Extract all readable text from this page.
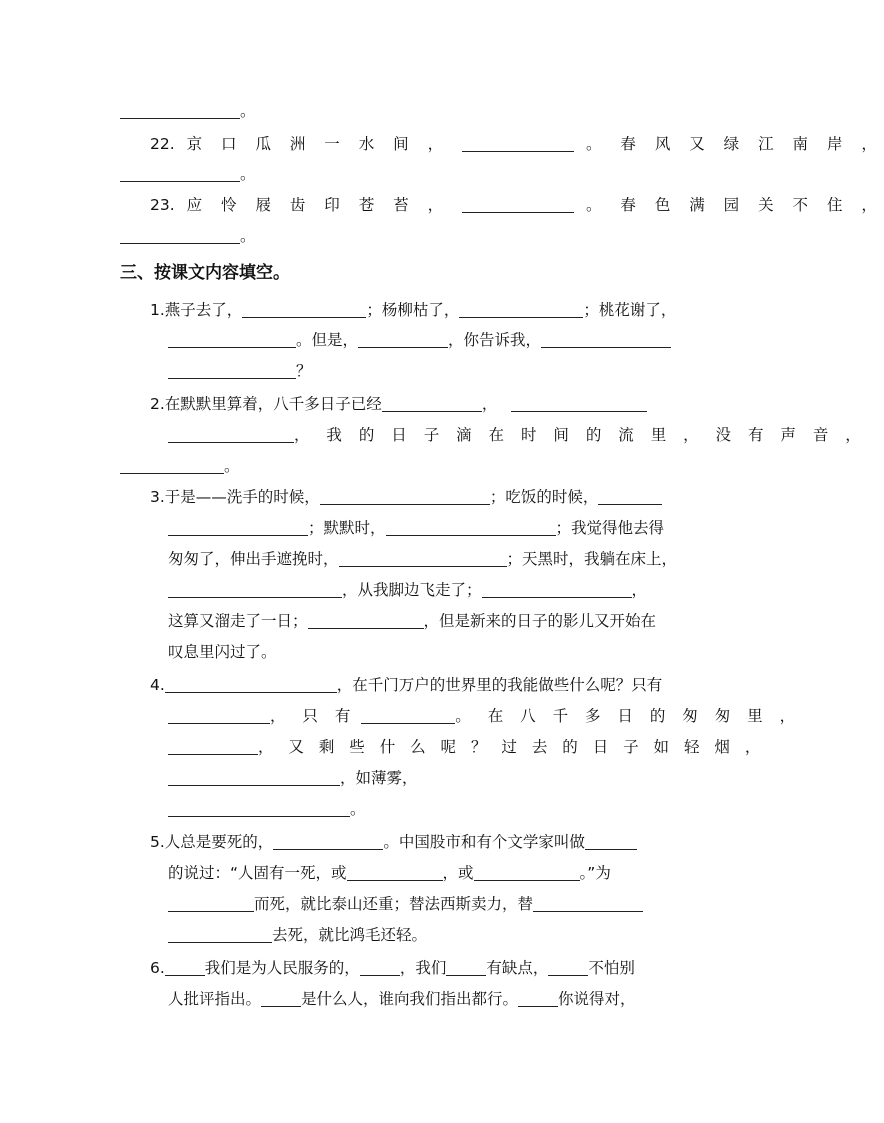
。
22. 京 口 瓜 洲 一 水 间 ，	。 春 风 又 绿 江 南 岸 ，
。
23. 应 怜 屐 齿 印 苍 苔 ，	。 春 色 满 园 关 不 住 ，
。
三、按课文内容填空。
1.燕子去了，	；杨柳枯了，	；桃花谢了，
。但是，	，你告诉我，
？
2.在默默里算着，八千多日子已经	，
， 我 的 日 子 滴 在 时 间 的 流 里 ， 没 有 声 音 ，
。
3.于是——洗手的时候，	；吃饭的时候，
；默默时，	；我觉得他去得
匆匆了，伸出手遮挽时，	；天黑时，我躺在床上，
，从我脚边飞走了；	，
这算又溜走了一日；	，但是新来的日子的影儿又开始在
叹息里闪过了。
4.	，在千门万户的世界里的我能做些什么呢？只有
， 只 有	。 在 八 千 多 日 的 匆 匆 里 ，
， 又 剩 些 什 么 呢 ？ 过 去 的 日 子 如 轻 烟 ，
，如薄雾，
。
5.人总是要死的，	。中国股市和有个文学家叫做
的说过：“人固有一死，或	，或	。”为
而死，就比泰山还重；替法西斯卖力，替
去死，就比鸿毛还轻。
6.	我们是为人民服务的，	，我们	有缺点，	不怕别
人批评指出。	是什么人，谁向我们指出都行。	你说得对，
